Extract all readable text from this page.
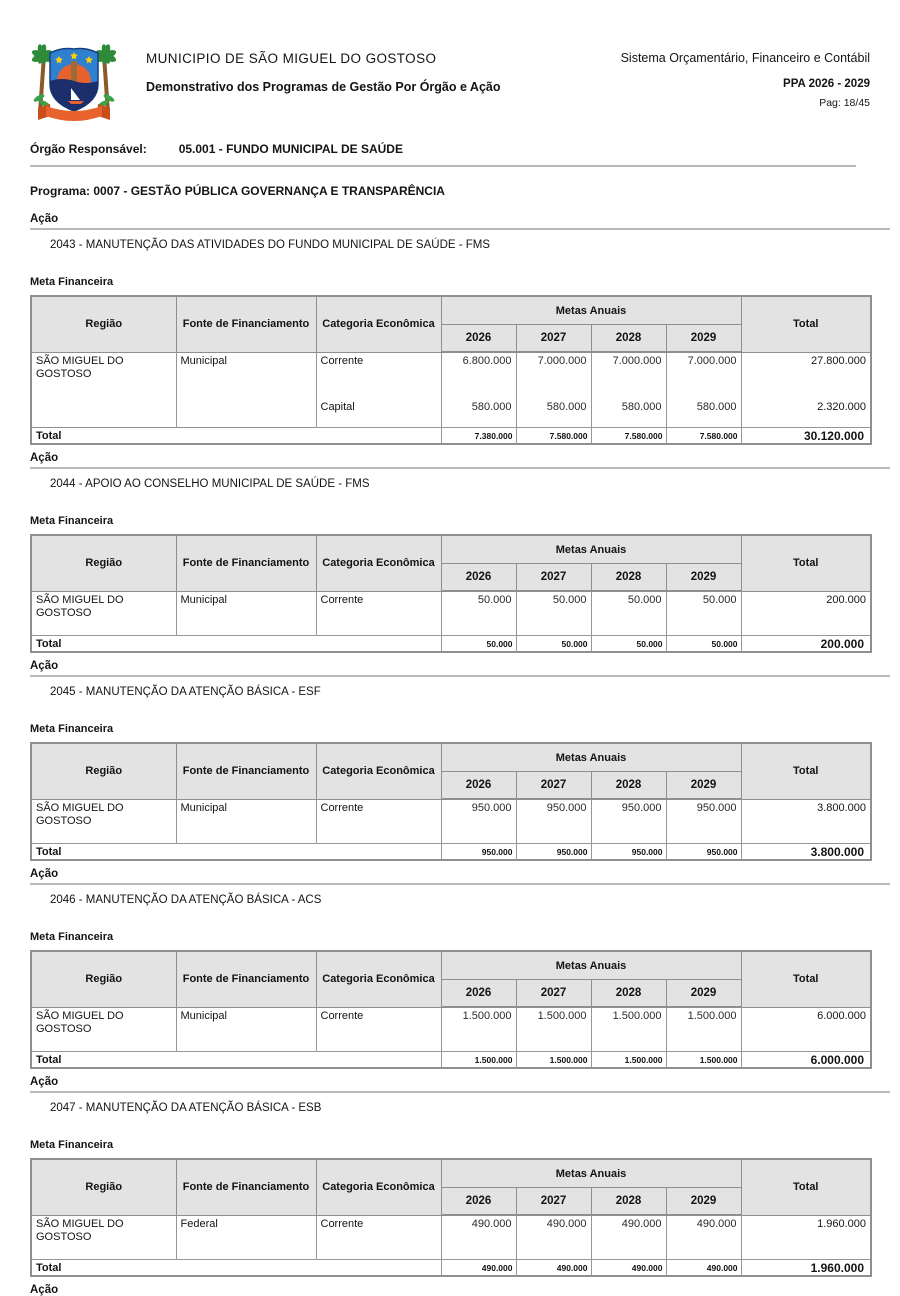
MUNICIPIO DE SÃO MIGUEL DO GOSTOSO
Demonstrativo dos Programas de Gestão Por Órgão e Ação
Sistema Orçamentário, Financeiro e Contábil
PPA 2026 - 2029
Pag: 18/45
Órgão Responsável:	05.001 - FUNDO MUNICIPAL DE SAÚDE
Programa: 0007 - GESTÃO PÚBLICA GOVERNANÇA E TRANSPARÊNCIA
Ação
2043 - MANUTENÇÃO DAS ATIVIDADES DO FUNDO MUNICIPAL DE SAÚDE - FMS
Meta Financeira
Região	Fonte de Financiamento	Categoria Econômica	Metas Anuais				Total
			2026	2027	2028	2029	
SÃO MIGUEL DO GOSTOSO	Municipal	Corrente	6.800.000	7.000.000	7.000.000	7.000.000	27.800.000
		Capital	580.000	580.000	580.000	580.000	2.320.000
Total			7.380.000	7.580.000	7.580.000	7.580.000	30.120.000
Ação
2044 - APOIO AO CONSELHO MUNICIPAL DE SAÚDE - FMS
Meta Financeira
Região	Fonte de Financiamento	Categoria Econômica	Metas Anuais				Total
			2026	2027	2028	2029	
SÃO MIGUEL DO GOSTOSO	Municipal	Corrente	50.000	50.000	50.000	50.000	200.000
Total			50.000	50.000	50.000	50.000	200.000
Ação
2045 - MANUTENÇÃO DA ATENÇÃO BÁSICA - ESF
Meta Financeira
Região	Fonte de Financiamento	Categoria Econômica	Metas Anuais				Total
			2026	2027	2028	2029	
SÃO MIGUEL DO GOSTOSO	Municipal	Corrente	950.000	950.000	950.000	950.000	3.800.000
Total			950.000	950.000	950.000	950.000	3.800.000
Ação
2046 - MANUTENÇÃO DA ATENÇÃO BÁSICA - ACS
Meta Financeira
Região	Fonte de Financiamento	Categoria Econômica	Metas Anuais				Total
			2026	2027	2028	2029	
SÃO MIGUEL DO GOSTOSO	Municipal	Corrente	1.500.000	1.500.000	1.500.000	1.500.000	6.000.000
Total			1.500.000	1.500.000	1.500.000	1.500.000	6.000.000
Ação
2047 - MANUTENÇÃO DA ATENÇÃO BÁSICA - ESB
Meta Financeira
Região	Fonte de Financiamento	Categoria Econômica	Metas Anuais				Total
			2026	2027	2028	2029	
SÃO MIGUEL DO GOSTOSO	Federal	Corrente	490.000	490.000	490.000	490.000	1.960.000
Total			490.000	490.000	490.000	490.000	1.960.000
Ação
